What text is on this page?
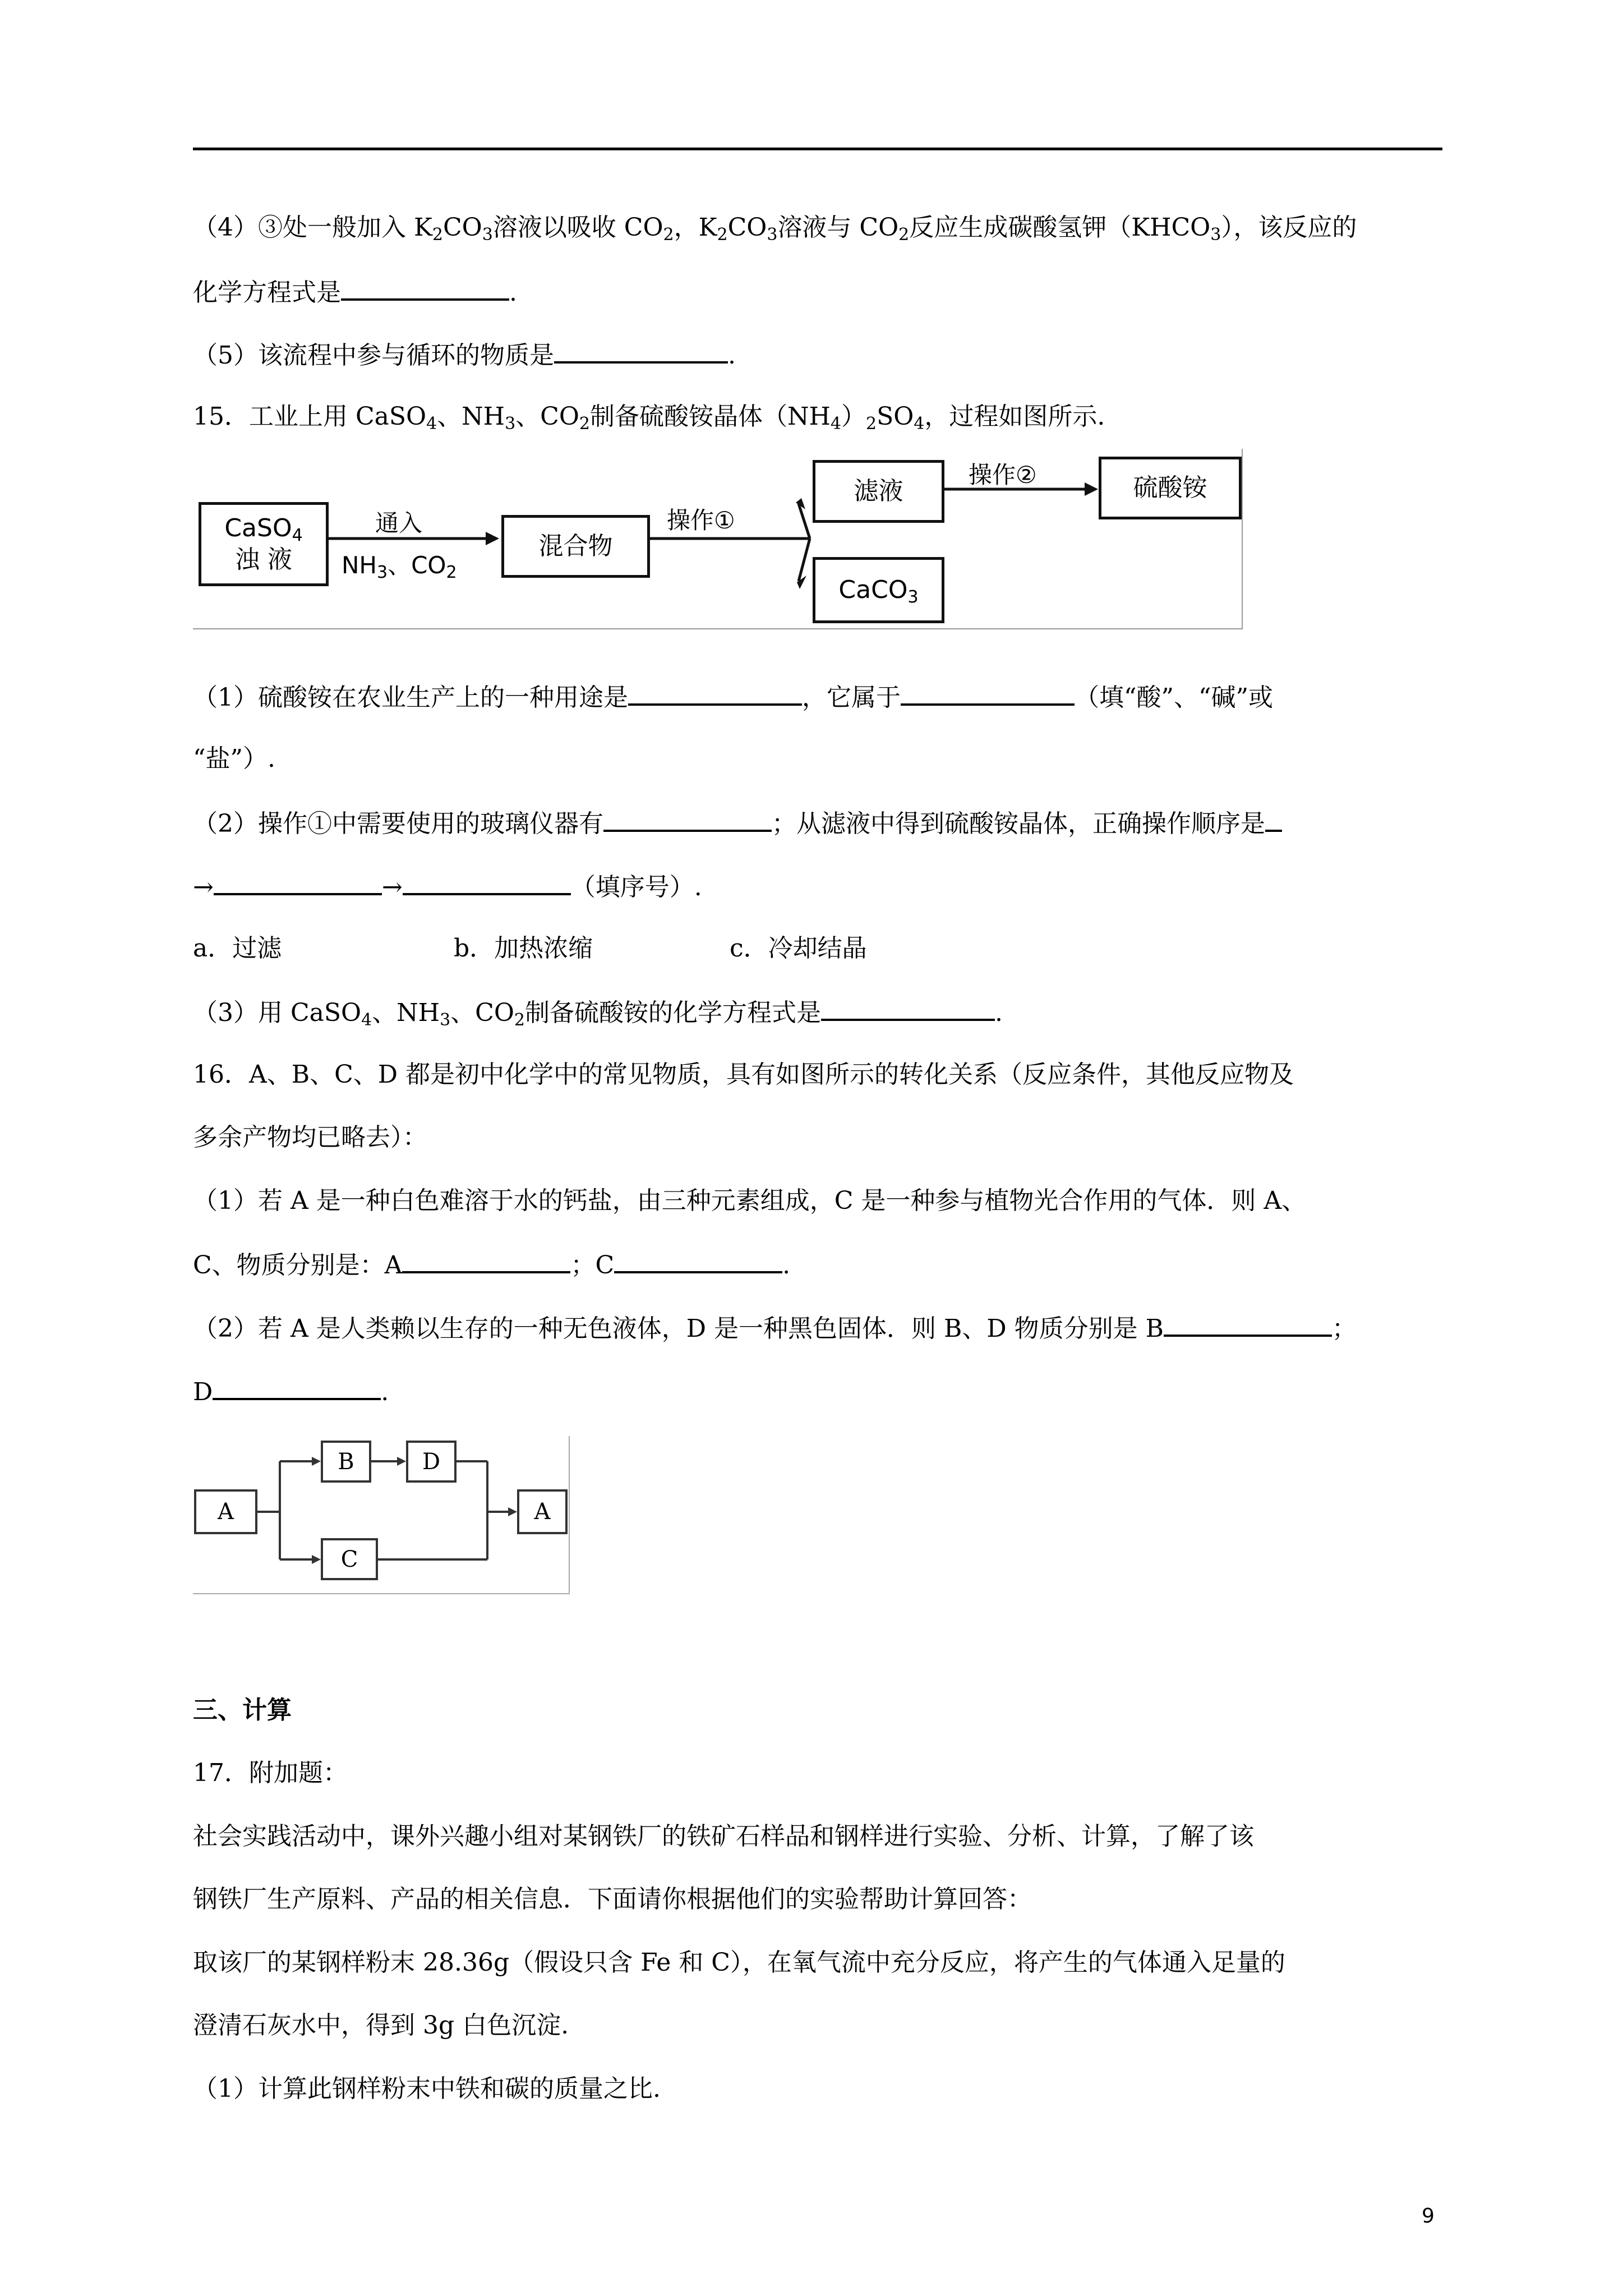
（4）③处一般加入 $K_2CO_3$溶液以吸收 $CO_2$，$K_2CO_3$溶液与 $CO_2$反应生成碳酸氢钾$(KHCO_3)$，该反应的
化学方程式是	.
（5）该流程中参与循环的物质是	.
15．工业上用 CaSO$_4$、$NH_3$、$CO_2$制备硫酸铵晶体$(NH_4)_2SO_4$，过程如图所示.
CaSO$_4$
浊 液
通入
$NH_3$、$CO_2$
混合物
操作①
滤液
操作②	硫酸铵
CaCO$_3$
（1）硫酸铵在农业生产上的一种用途是	，它属于	（填“酸”、“碱”或
“盐”）.
（2）操作①中需要使用的玻璃仪器有	；从滤液中得到硫酸铵晶体，正确操作顺序是
→	→	（填序号）.
a．过滤	b．加热浓缩	c．冷却结晶
（3）用 CaSO$_4$、$NH_3$、$CO_2$制备硫酸铵的化学方程式是	.
16．A、B、C、D 都是初中化学中的常见物质，具有如图所示的转化关系（反应条件，其他反应物及
多余产物均已略去）：
（1）若 A 是一种白色难溶于水的钙盐，由三种元素组成，C 是一种参与植物光合作用的气体．则 A、
C、物质分别是：A	；C	.
（2）若 A 是人类赖以生存的一种无色液体，D 是一种黑色固体．则 B、D 物质分别是 B	；
D	.
A
B	D
A
C
三、计算
17．附加题：
社会实践活动中，课外兴趣小组对某钢铁厂的铁矿石样品和钢样进行实验、分析、计算，了解了该
钢铁厂生产原料、产品的相关信息．下面请你根据他们的实验帮助计算回答：
取该厂的某钢样粉末 28.36g（假设只含 Fe 和 C），在氧气流中充分反应，将产生的气体通入足量的
澄清石灰水中，得到 3g 白色沉淀.
（1）计算此钢样粉末中铁和碳的质量之比.
9
